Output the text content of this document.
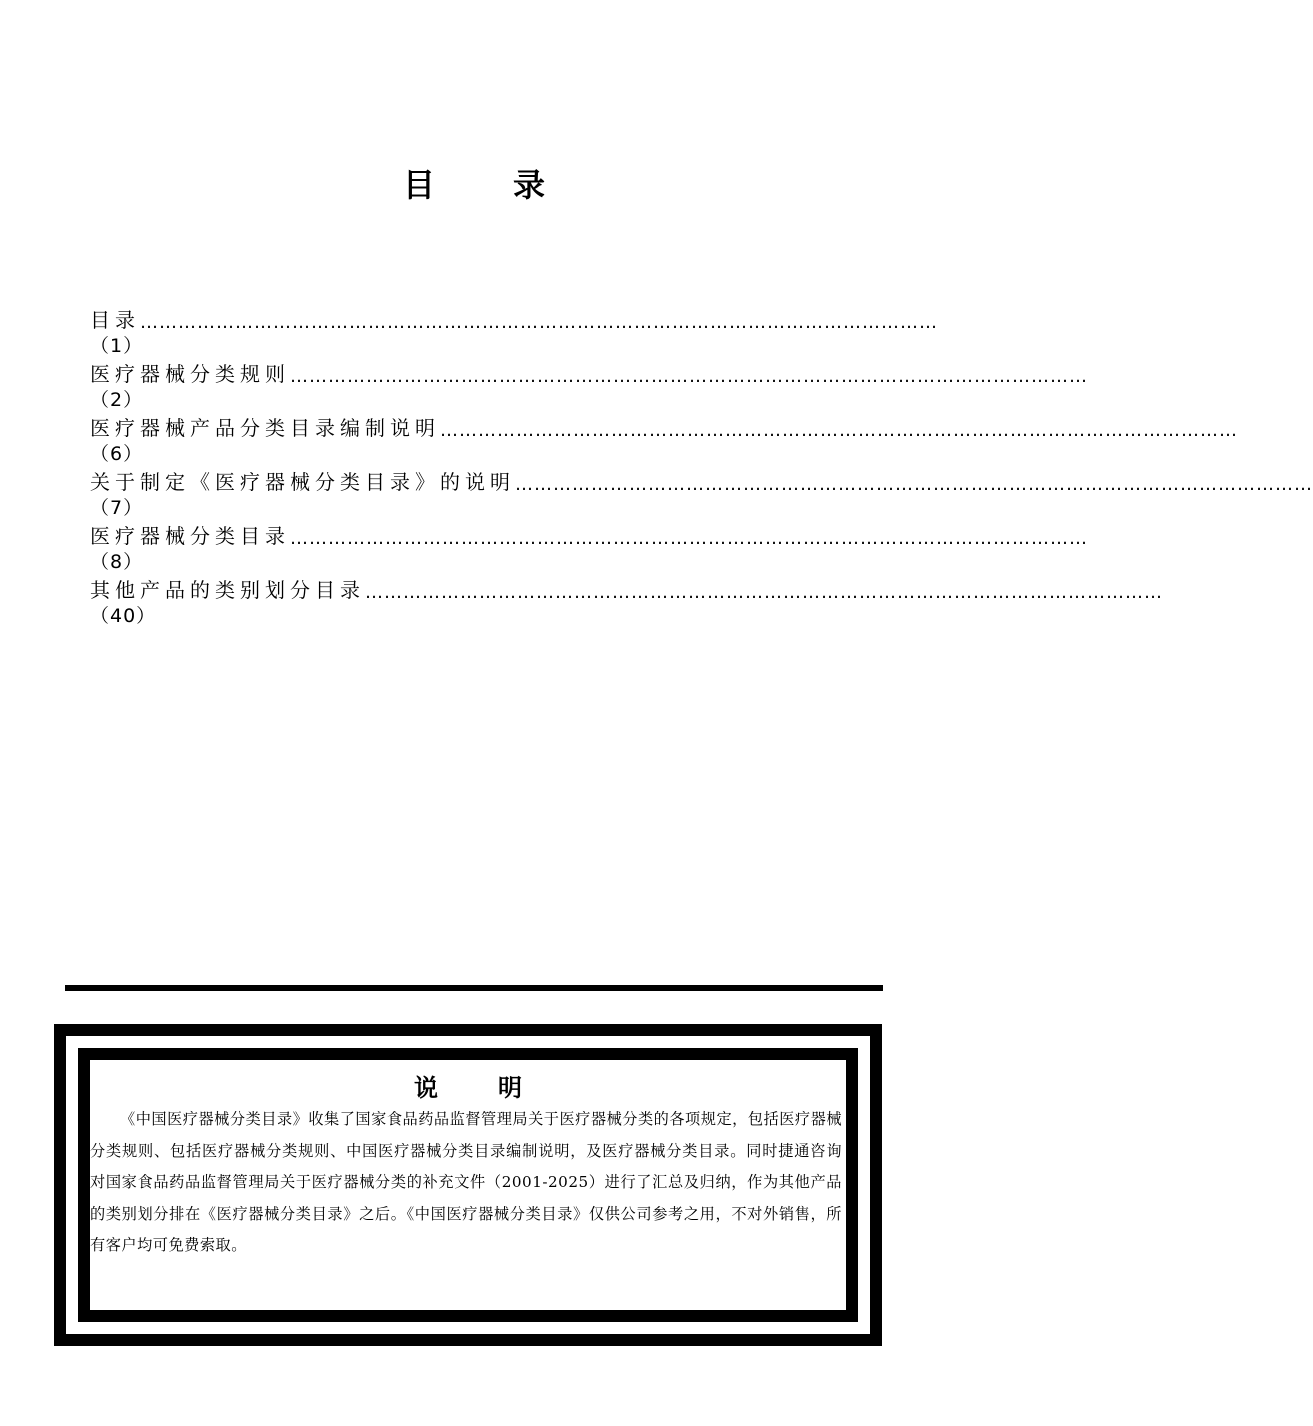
目 录
目录 ………………………………………………………………………………………………………………
（1）
医疗器械分类规则 ………………………………………………………………………………………………………………
（2）
医疗器械产品分类目录编制说明 ………………………………………………………………………………………………………………
（6）
关于制定《医疗器械分类目录》的说明 ………………………………………………………………………………………………………………
（7）
医疗器械分类目录 ………………………………………………………………………………………………………………
（8）
其他产品的类别划分目录 ………………………………………………………………………………………………………………
（40）
说	明

《中国医疗器械分类目录》收集了国家食品药品监督管理局关于医疗器械分类的各项规定，包括医疗器械分类规则、包括医疗器械分类规则、中国医疗器械分类目录编制说明，及医疗器械分类目录。同时捷通咨询对国家食品药品监督管理局关于医疗器械分类的补充文件（2001-2025）进行了汇总及归纳，作为其他产品的类别划分排在《医疗器械分类目录》之后。《中国医疗器械分类目录》仅供公司参考之用，不对外销售，所有客户均可免费索取。
